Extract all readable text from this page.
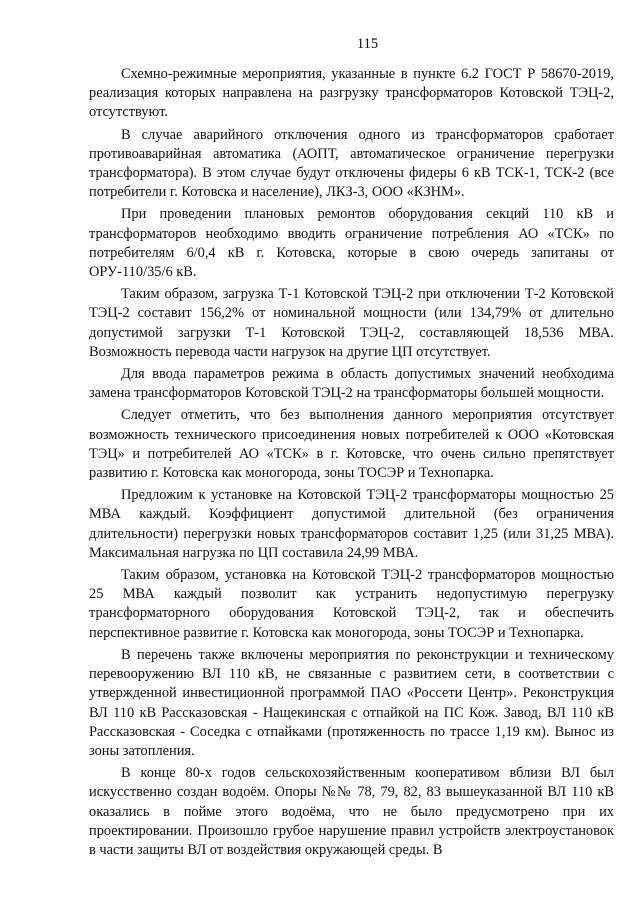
115

Схемно-режимные мероприятия, указанные в пункте 6.2 ГОСТ Р 58670-2019, реализация которых направлена на разгрузку трансформаторов Котовской ТЭЦ-2, отсутствуют.

В случае аварийного отключения одного из трансформаторов сработает противоаварийная автоматика (АОПТ, автоматическое ограничение перегрузки трансформатора). В этом случае будут отключены фидеры 6 кВ ТСК-1, ТСК-2 (все потребители г. Котовска и население), ЛКЗ-3, ООО «КЗНМ».

При проведении плановых ремонтов оборудования секций 110 кВ и трансформаторов необходимо вводить ограничение потребления АО «ТСК» по потребителям 6/0,4 кВ г. Котовска, которые в свою очередь запитаны от ОРУ-110/35/6 кВ.

Таким образом, загрузка Т-1 Котовской ТЭЦ-2 при отключении Т-2 Котовской ТЭЦ-2 составит 156,2% от номинальной мощности (или 134,79% от длительно допустимой загрузки Т-1 Котовской ТЭЦ-2, составляющей 18,536 МВА. Возможность перевода части нагрузок на другие ЦП отсутствует.

Для ввода параметров режима в область допустимых значений необходима замена трансформаторов Котовской ТЭЦ-2 на трансформаторы большей мощности.

Следует отметить, что без выполнения данного мероприятия отсутствует возможность технического присоединения новых потребителей к ООО «Котовская ТЭЦ» и потребителей АО «ТСК» в г. Котовске, что очень сильно препятствует развитию г. Котовска как моногорода, зоны ТОСЭР и Технопарка.

Предложим к установке на Котовской ТЭЦ-2 трансформаторы мощностью 25 МВА каждый. Коэффициент допустимой длительной (без ограничения длительности) перегрузки новых трансформаторов составит 1,25 (или 31,25 МВА). Максимальная нагрузка по ЦП составила 24,99 МВА.

Таким образом, установка на Котовской ТЭЦ-2 трансформаторов мощностью 25 МВА каждый позволит как устранить недопустимую перегрузку трансформаторного оборудования Котовской ТЭЦ-2, так и обеспечить перспективное развитие г. Котовска как моногорода, зоны ТОСЭР и Технопарка.

В перечень также включены мероприятия по реконструкции и техническому перевооружению ВЛ 110 кВ, не связанные с развитием сети, в соответствии с утвержденной инвестиционной программой ПАО «Россети Центр». Реконструкция ВЛ 110 кВ Рассказовская - Нащекинская с отпайкой на ПС Кож. Завод, ВЛ 110 кВ Рассказовская - Соседка с отпайками (протяженность по трассе 1,19 км). Вынос из зоны затопления.

В конце 80-х годов сельскохозяйственным кооперативом вблизи ВЛ был искусственно создан водоём. Опоры №№ 78, 79, 82, 83 вышеуказанной ВЛ 110 кВ оказались в пойме этого водоёма, что не было предусмотрено при их проектировании. Произошло грубое нарушение правил устройств электроустановок в части защиты ВЛ от воздействия окружающей среды. В
